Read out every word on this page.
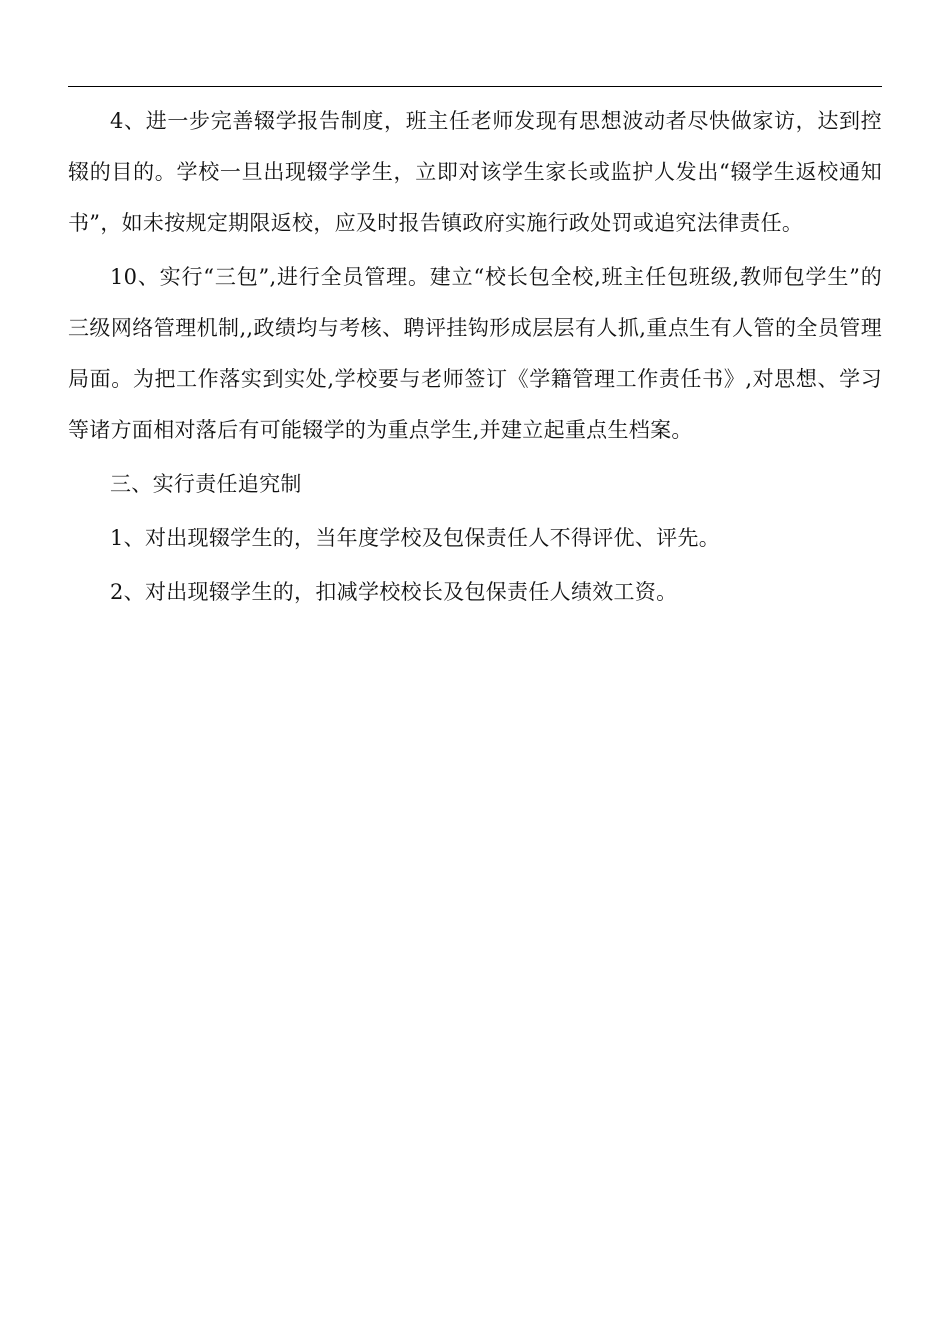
4、进一步完善辍学报告制度，班主任老师发现有思想波动者尽快做家访，达到控辍的目的。学校一旦出现辍学学生，立即对该学生家长或监护人发出“辍学生返校通知书”，如未按规定期限返校，应及时报告镇政府实施行政处罚或追究法律责任。

10、实行“三包”,进行全员管理。建立“校长包全校,班主任包班级,教师包学生”的三级网络管理机制,,政绩均与考核、聘评挂钩形成层层有人抓,重点生有人管的全员管理局面。为把工作落实到实处,学校要与老师签订《学籍管理工作责任书》,对思想、学习等诸方面相对落后有可能辍学的为重点学生,并建立起重点生档案。

三、实行责任追究制

1、对出现辍学生的，当年度学校及包保责任人不得评优、评先。

2、对出现辍学生的，扣减学校校长及包保责任人绩效工资。
